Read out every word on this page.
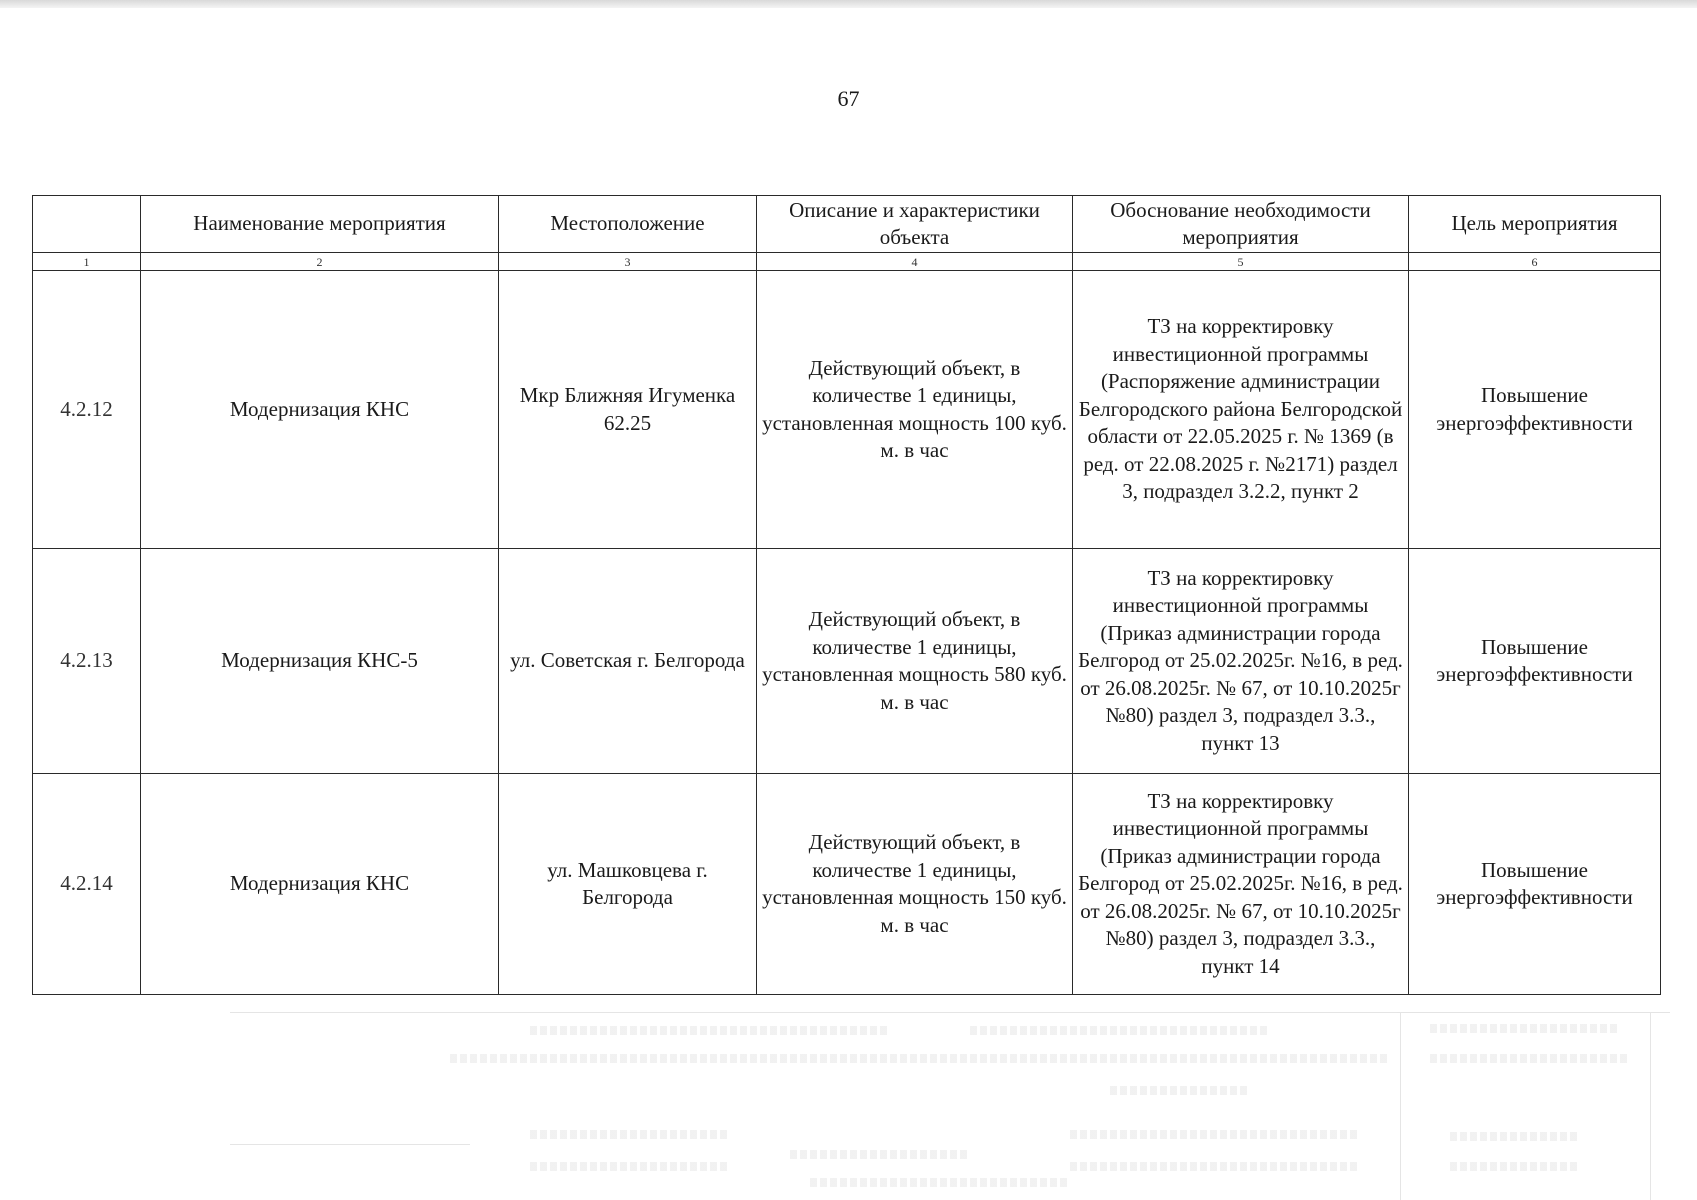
67
	Наименование мероприятия	Местоположение	Описание и характеристики объекта	Обоснование необходимости мероприятия	Цель мероприятия
1	2	3	4	5	6
4.2.12	Модернизация КНС	Мкр Ближняя Игуменка 62.25	Действующий объект, в количестве 1 единицы, установленная мощность 100 куб. м. в час	ТЗ на корректировку инвестиционной программы (Распоряжение администрации Белгородского района Белгородской области от 22.05.2025 г. № 1369 (в ред. от 22.08.2025 г. №2171) раздел 3, подраздел 3.2.2, пункт 2	Повышение энергоэффективности
4.2.13	Модернизация КНС-5	ул. Советская г. Белгорода	Действующий объект, в количестве 1 единицы, установленная мощность 580 куб. м. в час	ТЗ на корректировку инвестиционной программы (Приказ администрации города Белгород от 25.02.2025г. №16, в ред. от 26.08.2025г. № 67, от 10.10.2025г №80) раздел 3, подраздел 3.3., пункт 13	Повышение энергоэффективности
4.2.14	Модернизация КНС	ул. Машковцева г. Белгорода	Действующий объект, в количестве 1 единицы, установленная мощность 150 куб. м. в час	ТЗ на корректировку инвестиционной программы (Приказ администрации города Белгород от 25.02.2025г. №16, в ред. от 26.08.2025г. № 67, от 10.10.2025г №80) раздел 3, подраздел 3.3., пункт 14	Повышение энергоэффективности
